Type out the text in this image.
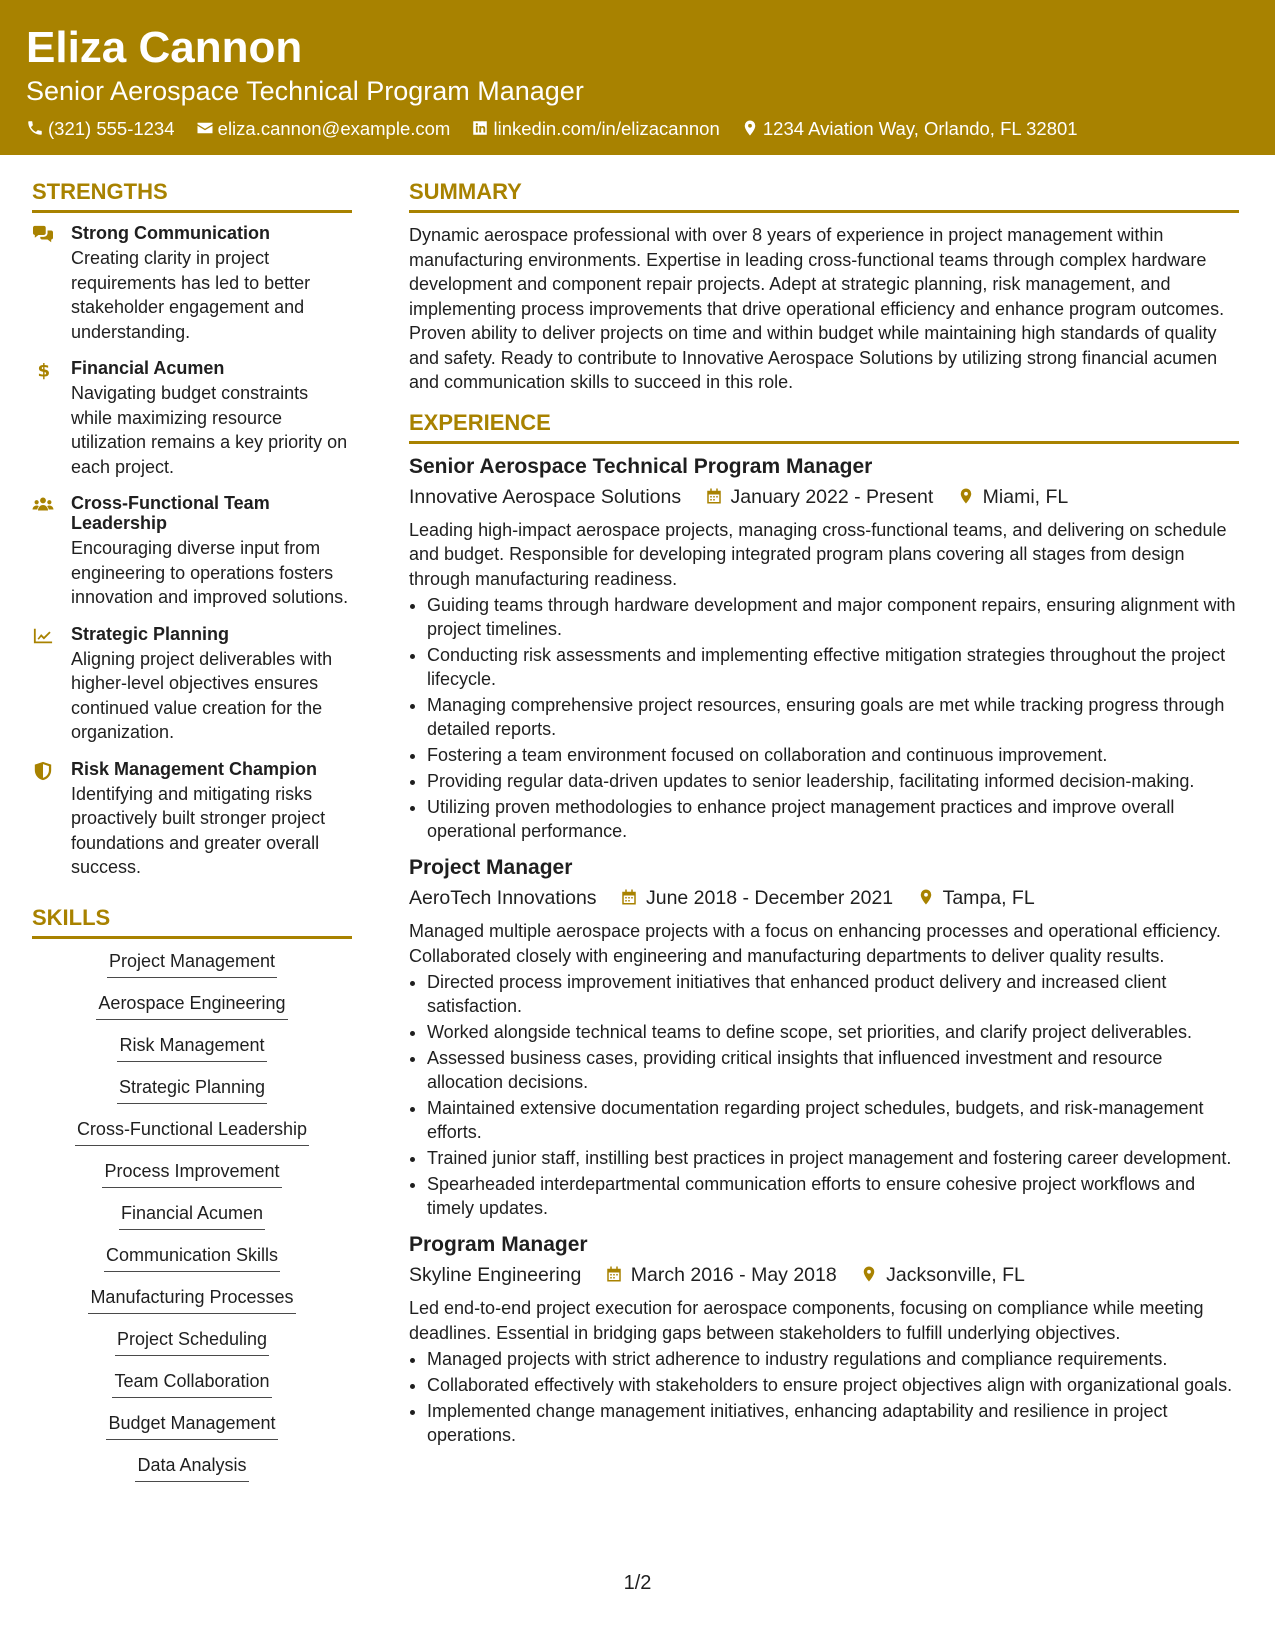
Eliza Cannon
Senior Aerospace Technical Program Manager
(321) 555-1234 eliza.cannon@example.com linkedin.com/in/elizacannon 1234 Aviation Way, Orlando, FL 32801
STRENGTHS
Strong Communication
Creating clarity in project requirements has led to better stakeholder engagement and understanding.
$ Financial Acumen
Navigating budget constraints while maximizing resource utilization remains a key priority on each project.
Cross-Functional Team Leadership
Encouraging diverse input from engineering to operations fosters innovation and improved solutions.
Strategic Planning
Aligning project deliverables with higher-level objectives ensures continued value creation for the organization.
Risk Management Champion
Identifying and mitigating risks proactively built stronger project foundations and greater overall success.
SKILLS
Project Management
Aerospace Engineering
Risk Management
Strategic Planning
Cross-Functional Leadership
Process Improvement
Financial Acumen
Communication Skills
Manufacturing Processes
Project Scheduling
Team Collaboration
Budget Management
Data Analysis
SUMMARY

Dynamic aerospace professional with over 8 years of experience in project management within manufacturing environments. Expertise in leading cross-functional teams through complex hardware development and component repair projects. Adept at strategic planning, risk management, and implementing process improvements that drive operational efficiency and enhance program outcomes. Proven ability to deliver projects on time and within budget while maintaining high standards of quality and safety. Ready to contribute to Innovative Aerospace Solutions by utilizing strong financial acumen and communication skills to succeed in this role.

EXPERIENCE
Senior Aerospace Technical Program Manager
Innovative Aerospace Solutions	January 2022 - Present	Miami, FL
Leading high-impact aerospace projects, managing cross-functional teams, and delivering on schedule and budget. Responsible for developing integrated program plans covering all stages from design through manufacturing readiness.
• Guiding teams through hardware development and major component repairs, ensuring alignment with project timelines.
• Conducting risk assessments and implementing effective mitigation strategies throughout the project lifecycle.
• Managing comprehensive project resources, ensuring goals are met while tracking progress through detailed reports.
• Fostering a team environment focused on collaboration and continuous improvement.
• Providing regular data-driven updates to senior leadership, facilitating informed decision-making.
• Utilizing proven methodologies to enhance project management practices and improve overall operational performance.
Project Manager
AeroTech Innovations	June 2018 - December 2021	Tampa, FL
Managed multiple aerospace projects with a focus on enhancing processes and operational efficiency. Collaborated closely with engineering and manufacturing departments to deliver quality results.
• Directed process improvement initiatives that enhanced product delivery and increased client satisfaction.
• Worked alongside technical teams to define scope, set priorities, and clarify project deliverables.
• Assessed business cases, providing critical insights that influenced investment and resource allocation decisions.
• Maintained extensive documentation regarding project schedules, budgets, and risk-management efforts.
• Trained junior staff, instilling best practices in project management and fostering career development.
• Spearheaded interdepartmental communication efforts to ensure cohesive project workflows and timely updates.
Program Manager
Skyline Engineering	March 2016 - May 2018	Jacksonville, FL
Led end-to-end project execution for aerospace components, focusing on compliance while meeting deadlines. Essential in bridging gaps between stakeholders to fulfill underlying objectives.
• Managed projects with strict adherence to industry regulations and compliance requirements.
• Collaborated effectively with stakeholders to ensure project objectives align with organizational goals.
• Implemented change management initiatives, enhancing adaptability and resilience in project operations.
1/2
